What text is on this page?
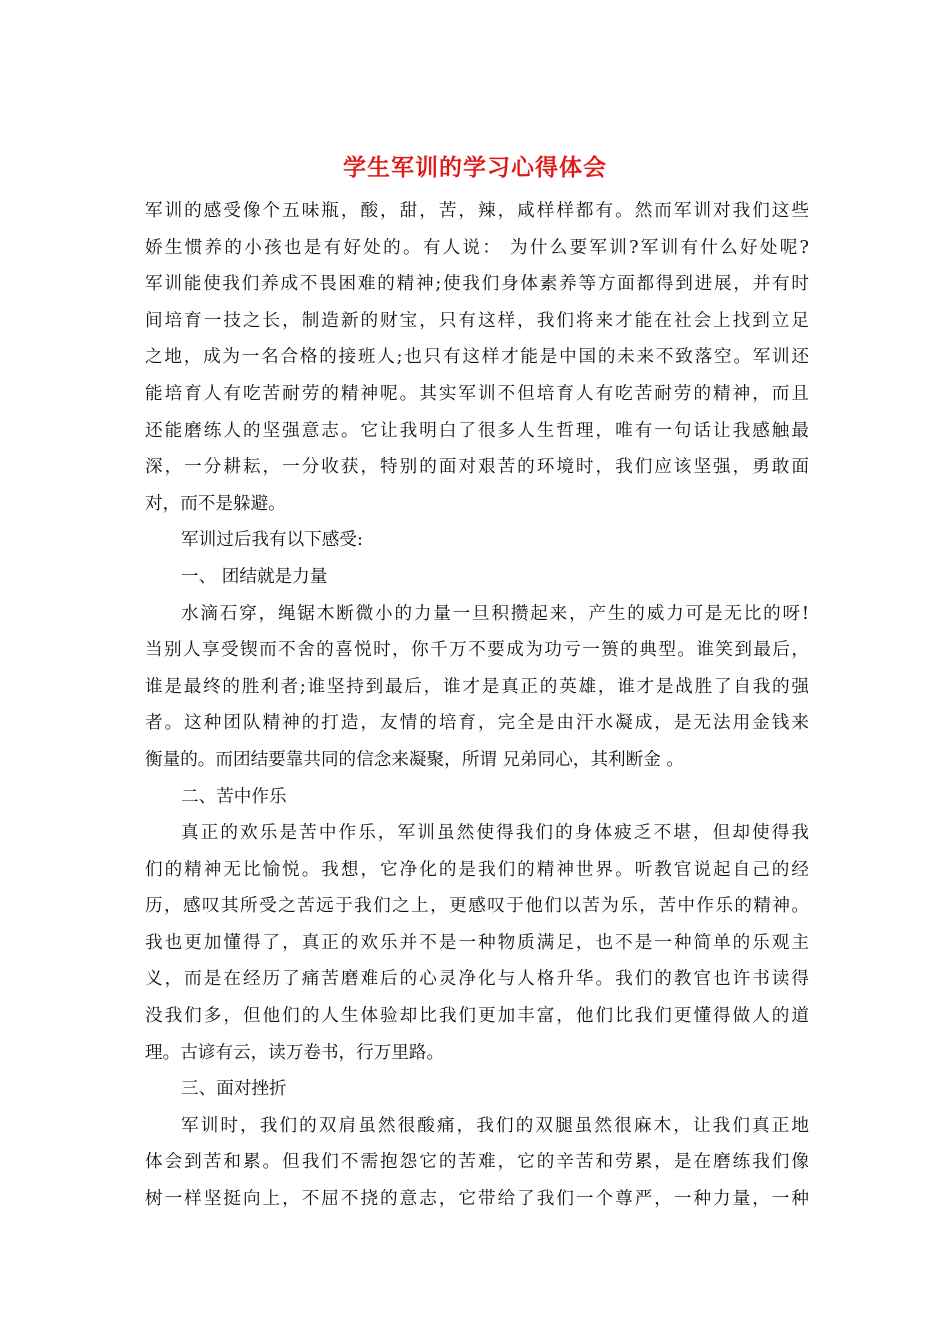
学生军训的学习心得体会
军训的感受像个五味瓶，酸，甜，苦，辣，咸样样都有。然而军训对我们这些
娇生惯养的小孩也是有好处的。有人说： 为什么要军训?军训有什么好处呢?
军训能使我们养成不畏困难的精神;使我们身体素养等方面都得到进展，并有时
间培育一技之长，制造新的财宝，只有这样，我们将来才能在社会上找到立足
之地，成为一名合格的接班人;也只有这样才能是中国的未来不致落空。军训还
能培育人有吃苦耐劳的精神呢。其实军训不但培育人有吃苦耐劳的精神，而且
还能磨练人的坚强意志。它让我明白了很多人生哲理，唯有一句话让我感触最
深，一分耕耘，一分收获，特别的面对艰苦的环境时，我们应该坚强，勇敢面
对，而不是躲避。
军训过后我有以下感受:
一、 团结就是力量
水滴石穿，绳锯木断微小的力量一旦积攒起来，产生的威力可是无比的呀!
当别人享受锲而不舍的喜悦时，你千万不要成为功亏一篑的典型。谁笑到最后，
谁是最终的胜利者;谁坚持到最后，谁才是真正的英雄，谁才是战胜了自我的强
者。这种团队精神的打造，友情的培育，完全是由汗水凝成，是无法用金钱来
衡量的。而团结要靠共同的信念来凝聚，所谓 兄弟同心，其利断金 。
二、苦中作乐
真正的欢乐是苦中作乐，军训虽然使得我们的身体疲乏不堪，但却使得我
们的精神无比愉悦。我想，它净化的是我们的精神世界。听教官说起自己的经
历，感叹其所受之苦远于我们之上，更感叹于他们以苦为乐，苦中作乐的精神。
我也更加懂得了，真正的欢乐并不是一种物质满足，也不是一种简单的乐观主
义，而是在经历了痛苦磨难后的心灵净化与人格升华。我们的教官也许书读得
没我们多，但他们的人生体验却比我们更加丰富，他们比我们更懂得做人的道
理。古谚有云，读万卷书，行万里路。
三、面对挫折
军训时，我们的双肩虽然很酸痛，我们的双腿虽然很麻木，让我们真正地
体会到苦和累。但我们不需抱怨它的苦难，它的辛苦和劳累，是在磨练我们像
树一样坚挺向上，不屈不挠的意志，它带给了我们一个尊严，一种力量，一种
